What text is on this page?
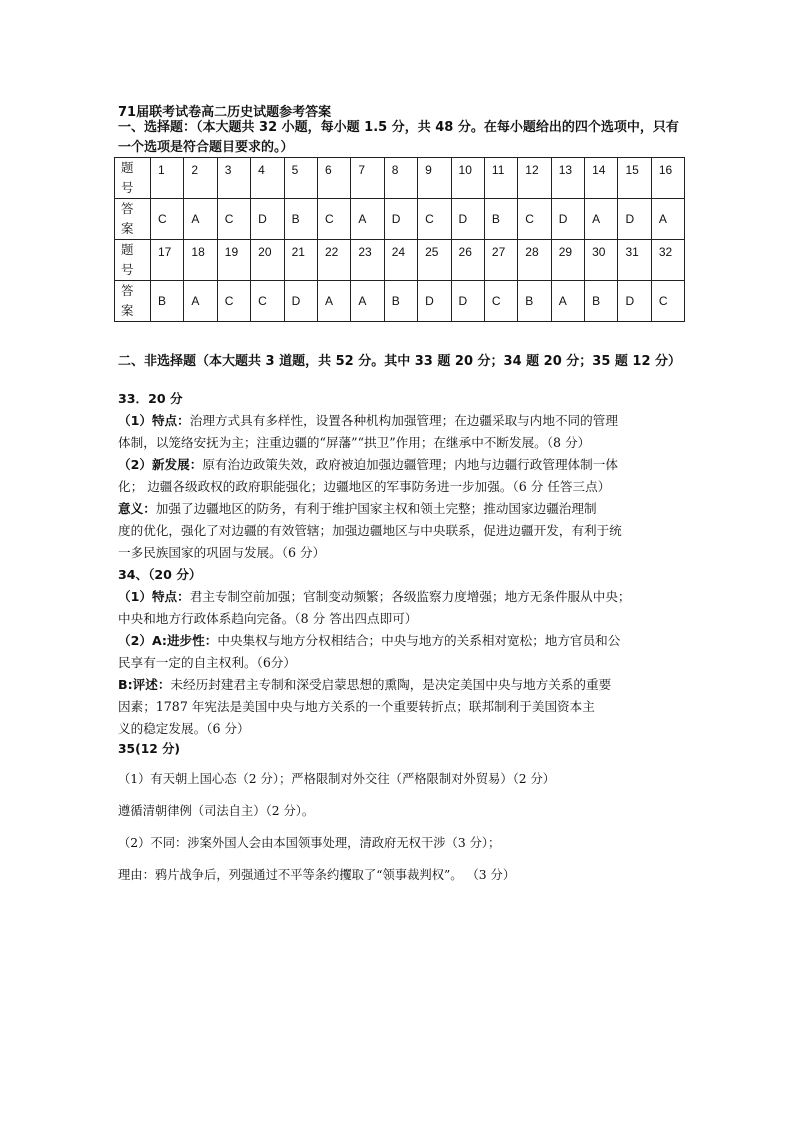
71届联考试卷高二历史试题参考答案
一、选择题：（本大题共 32 小题，每小题 1.5 分，共 48 分。在每小题给出的四个选项中，只有一个选项是符合题目要求的。）
题
号	1	2	3	4	5	6	7	8	9	10	11	12	13	14	15	16
答
案	C	A	C	D	B	C	A	D	C	D	B	C	D	A	D	A
题
号	17	18	19	20	21	22	23	24	25	26	27	28	29	30	31	32
答
案	B	A	C	C	D	A	A	B	D	D	C	B	A	B	D	C
二、非选择题（本大题共 3 道题，共 52 分。其中 33 题 20 分；34 题 20 分；35 题 12 分）
33．20 分
（1）特点：治理方式具有多样性，设置各种机构加强管理；在边疆采取与内地不同的管理
体制，以笼络安抚为主；注重边疆的“屏藩”“拱卫”作用；在继承中不断发展。（8 分）
（2）新发展：原有治边政策失效，政府被迫加强边疆管理；内地与边疆行政管理体制一体
化； 边疆各级政权的政府职能强化；边疆地区的军事防务进一步加强。（6 分 任答三点）
意义：加强了边疆地区的防务，有利于维护国家主权和领土完整；推动国家边疆治理制
度的优化，强化了对边疆的有效管辖；加强边疆地区与中央联系，促进边疆开发，有利于统
一多民族国家的巩固与发展。（6 分）
34、（20 分）
（1）特点：君主专制空前加强；官制变动频繁；各级监察力度增强；地方无条件服从中央；
中央和地方行政体系趋向完备。（8 分 答出四点即可）
（2）A:进步性：中央集权与地方分权相结合；中央与地方的关系相对宽松；地方官员和公
民享有一定的自主权利。（6分）
B:评述：未经历封建君主专制和深受启蒙思想的熏陶，是决定美国中央与地方关系的重要
因素；1787 年宪法是美国中央与地方关系的一个重要转折点；联邦制利于美国资本主
义的稳定发展。（6 分）
35(12 分)
（1）有天朝上国心态（2 分）；严格限制对外交往（严格限制对外贸易）（2 分）
遵循清朝律例（司法自主）（2 分）。
（2）不同：涉案外国人会由本国领事处理，清政府无权干涉（3 分）；
理由：鸦片战争后，列强通过不平等条约攫取了“领事裁判权”。 （3 分）
